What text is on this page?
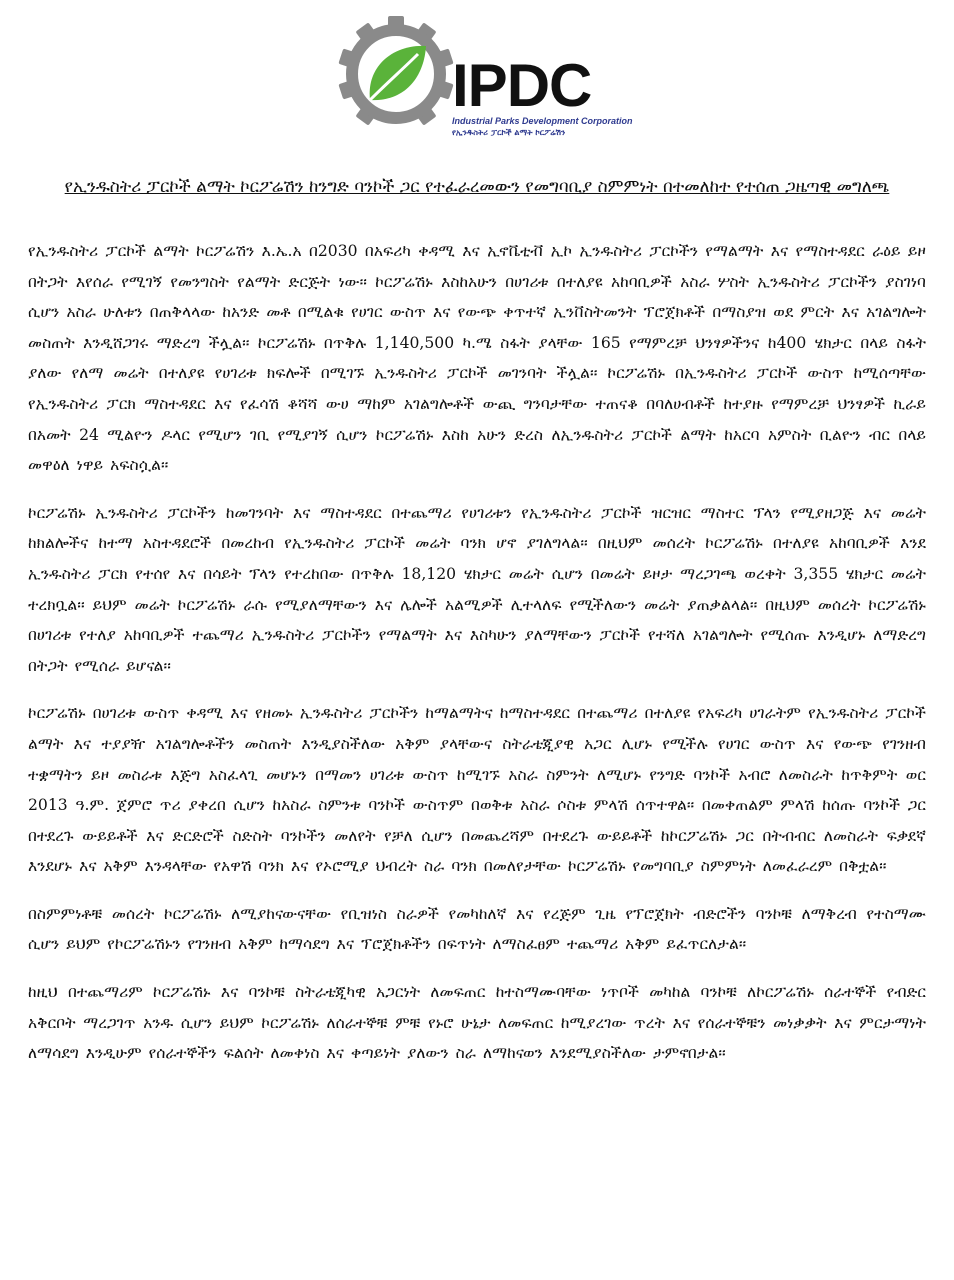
IPDC
Industrial Parks Development Corporation
የኢንዱስትሪ ፓርኮች ልማት ኮርፖሬሽን
የኢንዱስትሪ ፓርኮች ልማት ኮርፖሬሽን ከንግድ ባንኮች ጋር የተፈራረመውን የመግባቢያ ስምምነት በተመለከተ የተሰጠ ጋዜጣዊ መግለጫ

የኢንዱስትሪ ፓርኮች ልማት ኮርፖሬሽን እ.ኤ.አ በ2030 በአፍሪካ ቀዳሚ እና ኢኖቬቲቭ ኢኮ ኢንዱስትሪ ፓርኮችን የማልማት እና የማስተዳደር ራዕይ ይዞ በትጋት እየሰራ የሚገኝ የመንግስት የልማት ድርጅት ነው፡፡ ኮርፖሬሽኑ እስከአሁን በሀገሪቱ በተለያዩ አከባቢዎች አስራ ሦስት ኢንዱስትሪ ፓርኮችን ያስገነባ ሲሆን አስራ ሁለቱን በጠቅላላው ከአንድ መቶ በሚልቁ የሀገር ውስጥ እና የውጭ ቀጥተኛ ኢንቨስትመንት ፕሮጀክቶች በማስያዝ ወደ ምርት እና አገልግሎት መስጠት እንዲሸጋገሩ ማድረግ ችሏል፡፡ ኮርፖሬሽኑ በጥቅሉ 1,140,500 ካ.ሜ ስፋት ያላቸው 165 የማምረቻ ህንፃዎችንና ከ400 ሄክታር በላይ ስፋት ያለው የለማ መሬት በተለያዩ የሀገሪቱ ክፍሎች በሚገኙ ኢንዱስትሪ ፓርኮች መገንባት ችሏል፡፡ ኮርፖሬሽኑ በኢንዱስትሪ ፓርኮች ውስጥ ከሚሰጣቸው የኢንዱስትሪ ፓርክ ማስተዳደር እና የፈሳሽ ቆሻሻ ውሀ ማከም አገልግሎቶች ውጪ ግንባታቸው ተጠናቆ በባለሀብቶች ከተያዙ የማምረቻ ህንፃዎች ኪራይ በአመት 24 ሚልዮን ዶላር የሚሆን ገቢ የሚያገኝ ሲሆን ኮርፖሬሽኑ እስከ አሁን ድረስ ለኢንዱስትሪ ፓርኮች ልማት ከአርባ አምስት ቢልዮን ብር በላይ መዋዕለ ነዋይ አፍስሷል፡፡

ኮርፖሬሽኑ ኢንዱስትሪ ፓርኮችን ከመገንባት እና ማስተዳደር በተጨማሪ የሀገሪቱን የኢንዱስትሪ ፓርኮች ዝርዝር ማስተር ፕላን የሚያዘጋጅ እና መሬት ከክልሎችና ከተማ አስተዳደሮች በመረከብ የኢንዱስትሪ ፓርኮች መሬት ባንክ ሆኖ ያገለግላል፡፡ በዚህም መሰረት ኮርፖሬሽኑ በተለያዩ አከባቢዎች እንደ ኢንዱስትሪ ፓርክ የተሰየ እና በሳይት ፕላን የተረከበው በጥቅሉ 18,120 ሄክታር መሬት ሲሆን በመሬት ይዞታ ማረጋገጫ ወረቀት 3,355 ሄክታር መሬት ተረክቧል፡፡ ይህም መሬት ኮርፖሬሽኑ ራሱ የሚያለማቸውን እና ሌሎች አልሚዎች ሊተላለፍ የሚችለውን መሬት ያጠቃልላል፡፡ በዚህም መሰረት ኮርፖሬሽኑ በሀገሪቱ የተለያ አከባቢዎች ተጨማሪ ኢንዱስትሪ ፓርኮችን የማልማት እና እስካሁን ያለማቸውን ፓርኮች የተሻለ አገልግሎት የሚሰጡ እንዲሆኑ ለማድረግ በትጋት የሚሰራ ይሆናል፡፡

ኮርፖሬሽኑ በሀገሪቱ ውስጥ ቀዳሚ እና የዘመኑ ኢንዱስትሪ ፓርኮችን ከማልማትና ከማስተዳደር በተጨማሪ በተለያዩ የአፍሪካ ሀገራትም የኢንዱስትሪ ፓርኮች ልማት እና ተያያዥ አገልግሎቶችን መስጠት እንዲያስችለው አቅም ያላቸውና ስትራቴጂያዊ አጋር ሊሆኑ የሚችሉ የሀገር ውስጥ እና የውጭ የገንዘብ ተቋማትን ይዞ መስራቱ እጅግ አስፈላጊ መሆኑን በማመን ሀገሪቱ ውስጥ ከሚገኙ አስራ ስምንት ለሚሆኑ የንግድ ባንኮች አብሮ ለመስራት ከጥቅምት ወር 2013 ዓ.ም. ጀምሮ ጥሪ ያቀረበ ሲሆን ከአስራ ስምንቱ ባንኮች ውስጥም በወቅቱ አስራ ሶስቱ ምላሽ ሰጥተዋል፡፡ በመቀጠልም ምላሽ ከሰጡ ባንኮች ጋር በተደረጉ ውይይቶች እና ድርድሮች ስድስት ባንኮችን መለየት የቻለ ሲሆን በመጨረሻም በተደረጉ ውይይቶች ከኮርፖሬሽኑ ጋር በትብብር ለመስራት ፍቃደኛ እንደሆኑ እና አቅም እንዳላቸው የአዋሽ ባንክ እና የኦሮሚያ ህብረት ስራ ባንክ በመለየታቸው ኮርፖሬሽኑ የመግባቢያ ስምምነት ለመፈራረም በቅቷል፡፡

በስምምነቶቹ መሰረት ኮርፖሬሽኑ ለሚያከናውናቸው የቢዝነስ ስራዎች የመካከለኛ እና የረጅም ጊዜ የፕሮጀክት ብድሮችን ባንኮቹ ለማቅረብ የተስማሙ ሲሆን ይህም የኮርፖሬሽኑን የገንዘብ አቅም ከማሳደግ እና ፕሮጀክቶችን በፍጥነት ለማስፈፀም ተጨማሪ አቅም ይፈጥርለታል፡፡

ከዚህ በተጨማሪም ኮርፖሬሽኑ እና ባንኮቹ ስትራቴጂካዊ አጋርነት ለመፍጠር ከተስማሙባቸው ነጥቦች መካከል ባንኮቹ ለኮርፖሬሽኑ ሰራተኞች የብድር አቅርቦት ማረጋገጥ አንዱ ሲሆን ይህም ኮርፖሬሽኑ ለሰራተኞቹ ምቹ የኑሮ ሁኔታ ለመፍጠር ከሚያረገው ጥረት እና የሰራተኞቹን መነቃቃት እና ምርታማነት ለማሳደግ እንዲሁም የሰራተኞችን ፍልሰት ለመቀነስ እና ቀጣይነት ያለውን ስራ ለማከናወን እንደሚያስችለው ታምኖበታል፡፡
